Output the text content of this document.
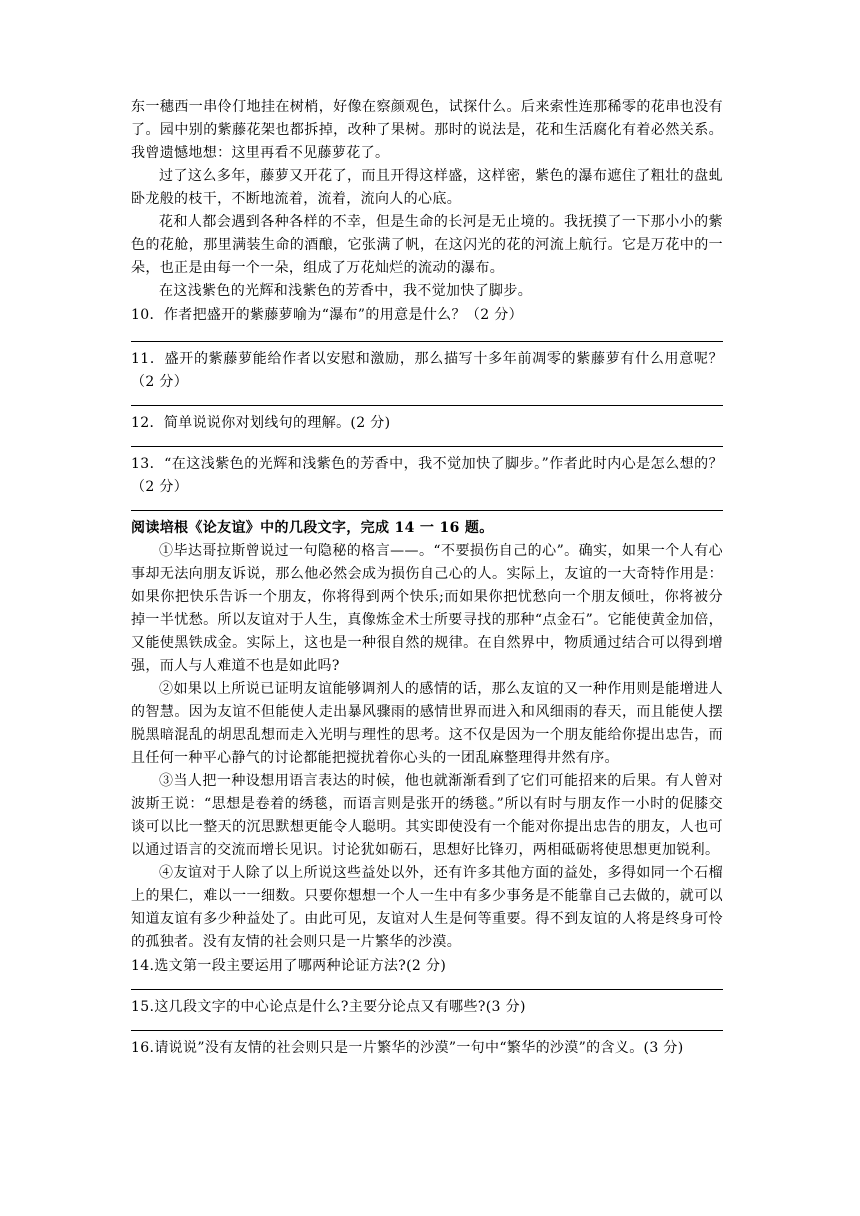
东一穗西一串伶仃地挂在树梢，好像在察颜观色，试探什么。后来索性连那稀零的花串也没有了。园中别的紫藤花架也都拆掉，改种了果树。那时的说法是，花和生活腐化有着必然关系。我曾遗憾地想：这里再看不见藤萝花了。

过了这么多年，藤萝又开花了，而且开得这样盛，这样密，紫色的瀑布遮住了粗壮的盘虬卧龙般的枝干，不断地流着，流着，流向人的心底。

花和人都会遇到各种各样的不幸，但是生命的长河是无止境的。我抚摸了一下那小小的紫色的花舱，那里满装生命的酒酿，它张满了帆，在这闪光的花的河流上航行。它是万花中的一朵，也正是由每一个一朵，组成了万花灿烂的流动的瀑布。

在这浅紫色的光辉和浅紫色的芳香中，我不觉加快了脚步。

10．作者把盛开的紫藤萝喻为“瀑布”的用意是什么？（2 分）

11．盛开的紫藤萝能给作者以安慰和激励，那么描写十多年前凋零的紫藤萝有什么用意呢？（2 分）

12．简单说说你对划线句的理解。(2 分)

13．“在这浅紫色的光辉和浅紫色的芳香中，我不觉加快了脚步。”作者此时内心是怎么想的？（2 分）

阅读培根《论友谊》中的几段文字，完成 14 一 16 题。

①毕达哥拉斯曾说过一句隐秘的格言——。“不要损伤自己的心”。确实，如果一个人有心事却无法向朋友诉说，那么他必然会成为损伤自己心的人。实际上，友谊的一大奇特作用是：如果你把快乐告诉一个朋友，你将得到两个快乐;而如果你把忧愁向一个朋友倾吐，你将被分掉一半忧愁。所以友谊对于人生，真像炼金术士所要寻找的那种“点金石”。它能使黄金加倍，又能使黑铁成金。实际上，这也是一种很自然的规律。在自然界中，物质通过结合可以得到增强，而人与人难道不也是如此吗?

②如果以上所说已证明友谊能够调剂人的感情的话，那么友谊的又一种作用则是能增进人的智慧。因为友谊不但能使人走出暴风骤雨的感情世界而进入和风细雨的春天，而且能使人摆脱黑暗混乱的胡思乱想而走入光明与理性的思考。这不仅是因为一个朋友能给你提出忠告，而且任何一种平心静气的讨论都能把搅扰着你心头的一团乱麻整理得井然有序。

③当人把一种设想用语言表达的时候，他也就渐渐看到了它们可能招来的后果。有人曾对波斯王说：“思想是卷着的绣毯，而语言则是张开的绣毯。”所以有时与朋友作一小时的促膝交谈可以比一整天的沉思默想更能令人聪明。其实即使没有一个能对你提出忠告的朋友，人也可以通过语言的交流而增长见识。讨论犹如砺石，思想好比锋刃，两相砥砺将使思想更加锐利。

④友谊对于人除了以上所说这些益处以外，还有许多其他方面的益处，多得如同一个石榴上的果仁，难以一一细数。只要你想想一个人一生中有多少事务是不能靠自己去做的，就可以知道友谊有多少种益处了。由此可见，友谊对人生是何等重要。得不到友谊的人将是终身可怜的孤独者。没有友情的社会则只是一片繁华的沙漠。

14.选文第一段主要运用了哪两种论证方法?(2 分)

15.这几段文字的中心论点是什么?主要分论点又有哪些?(3 分)

16.请说说”没有友情的社会则只是一片繁华的沙漠”一句中“繁华的沙漠”的含义。(3 分)
